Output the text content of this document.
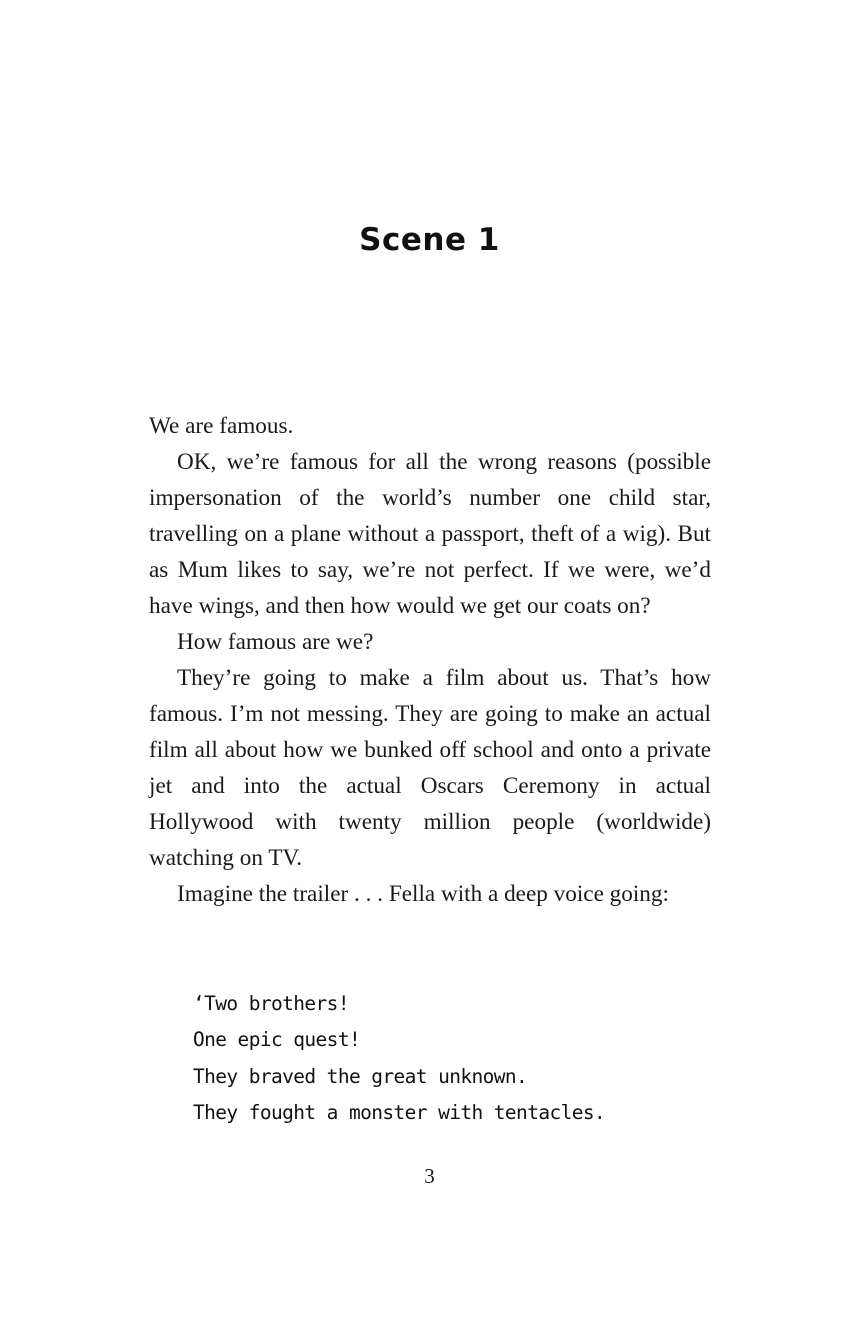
Scene 1

We are famous.

OK, we’re famous for all the wrong reasons (possible impersonation of the world’s number one child star, travelling on a plane without a passport, theft of a wig). But as Mum likes to say, we’re not perfect. If we were, we’d have wings, and then how would we get our coats on?

How famous are we?

They’re going to make a film about us. That’s how famous. I’m not messing. They are going to make an actual film all about how we bunked off school and onto a private jet and into the actual Oscars Ceremony in actual Hollywood with twenty million people (worldwide) watching on TV.

Imagine the trailer . . . Fella with a deep voice going:

‘Two brothers!
One epic quest!
They braved the great unknown.
They fought a monster with tentacles.
3
